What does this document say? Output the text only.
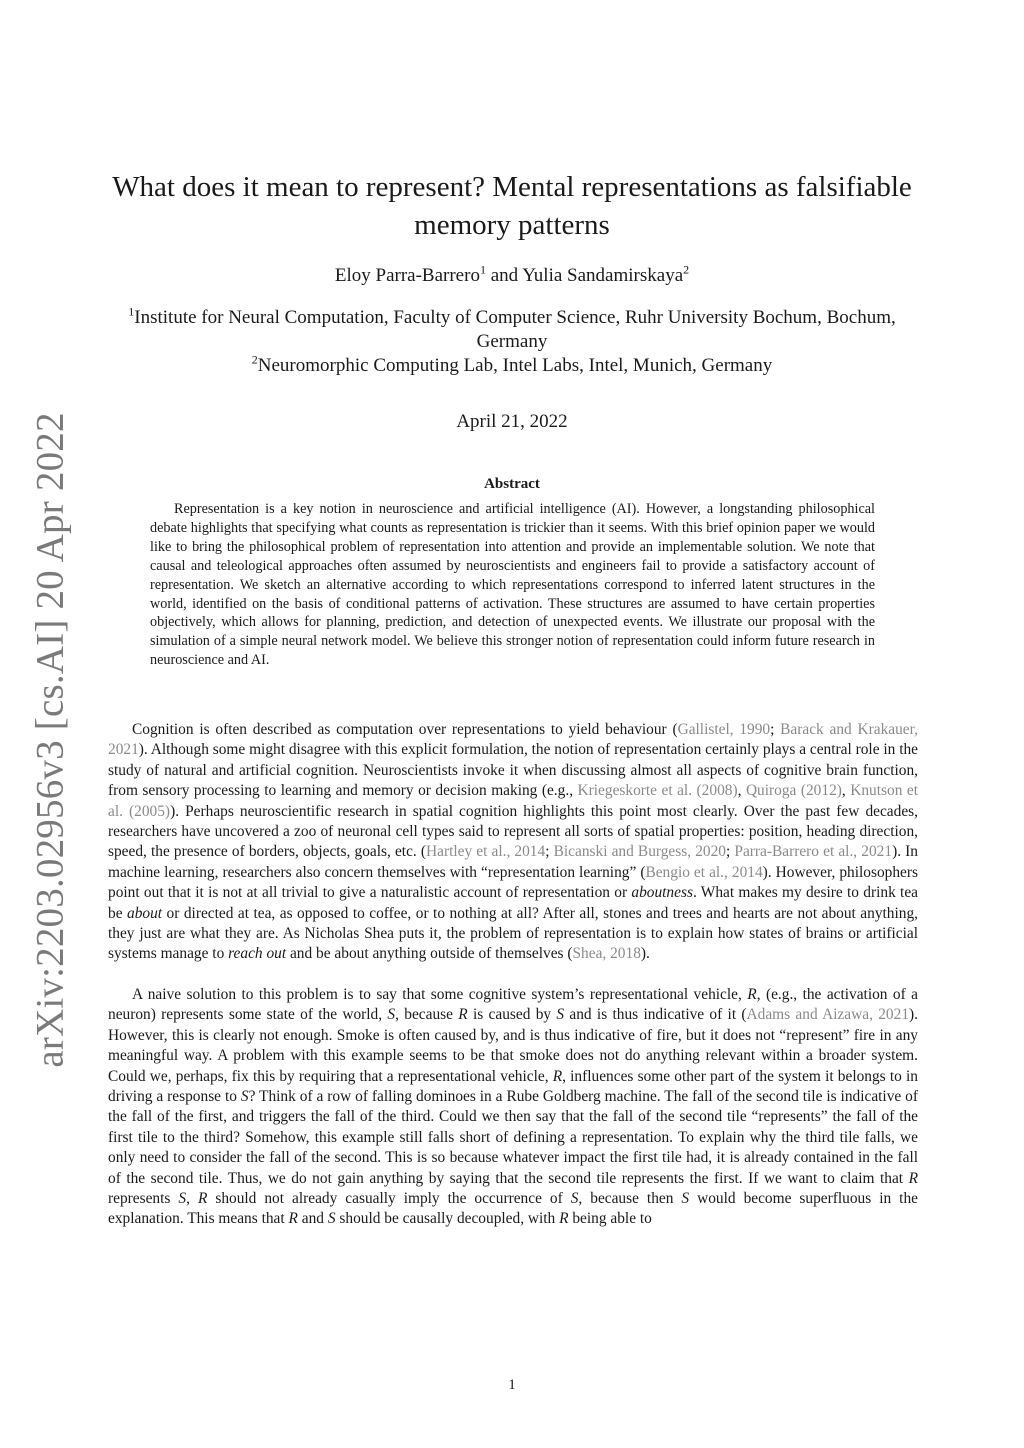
arXiv:2203.02956v3 [cs.AI] 20 Apr 2022
What does it mean to represent? Mental representations as falsifiable memory patterns
Eloy Parra-Barrero$^1$ and Yulia Sandamirskaya$^2$

$^1$Institute for Neural Computation, Faculty of Computer Science, Ruhr University Bochum, Bochum, Germany

$^2$Neuromorphic Computing Lab, Intel Labs, Intel, Munich, Germany

April 21, 2022
Abstract

Representation is a key notion in neuroscience and artificial intelligence (AI). However, a longstanding philosophical debate highlights that specifying what counts as representation is trickier than it seems. With this brief opinion paper we would like to bring the philosophical problem of representation into attention and provide an implementable solution. We note that causal and teleological approaches often assumed by neuroscientists and engineers fail to provide a satisfactory account of representation. We sketch an alternative according to which representations correspond to inferred latent structures in the world, identified on the basis of conditional patterns of activation. These structures are assumed to have certain properties objectively, which allows for planning, prediction, and detection of unexpected events. We illustrate our proposal with the simulation of a simple neural network model. We believe this stronger notion of representation could inform future research in neuroscience and AI.

Cognition is often described as computation over representations to yield behaviour (Gallistel, 1990; Barack and Krakauer, 2021). Although some might disagree with this explicit formulation, the notion of representation certainly plays a central role in the study of natural and artificial cognition. Neuroscientists invoke it when discussing almost all aspects of cognitive brain function, from sensory processing to learning and memory or decision making (e.g., Kriegeskorte et al. (2008), Quiroga (2012), Knutson et al. (2005)). Perhaps neuroscientific research in spatial cognition highlights this point most clearly. Over the past few decades, researchers have uncovered a zoo of neuronal cell types said to represent all sorts of spatial properties: position, heading direction, speed, the presence of borders, objects, goals, etc. (Hartley et al., 2014; Bicanski and Burgess, 2020; Parra-Barrero et al., 2021). In machine learning, researchers also concern themselves with “representation learning” (Bengio et al., 2014). However, philosophers point out that it is not at all trivial to give a naturalistic account of representation or aboutness. What makes my desire to drink tea be about or directed at tea, as opposed to coffee, or to nothing at all? After all, stones and trees and hearts are not about anything, they just are what they are. As Nicholas Shea puts it, the problem of representation is to explain how states of brains or artificial systems manage to reach out and be about anything outside of themselves (Shea, 2018).

A naive solution to this problem is to say that some cognitive system’s representational vehicle, R, (e.g., the activation of a neuron) represents some state of the world, S, because R is caused by S and is thus indicative of it (Adams and Aizawa, 2021). However, this is clearly not enough. Smoke is often caused by, and is thus indicative of fire, but it does not “represent” fire in any meaningful way. A problem with this example seems to be that smoke does not do anything relevant within a broader system. Could we, perhaps, fix this by requiring that a representational vehicle, R, influences some other part of the system it belongs to in driving a response to S? Think of a row of falling dominoes in a Rube Goldberg machine. The fall of the second tile is indicative of the fall of the first, and triggers the fall of the third. Could we then say that the fall of the second tile “represents” the fall of the first tile to the third? Somehow, this example still falls short of defining a representation. To explain why the third tile falls, we only need to consider the fall of the second. This is so because whatever impact the first tile had, it is already contained in the fall of the second tile. Thus, we do not gain anything by saying that the second tile represents the first. If we want to claim that R represents S, R should not already casually imply the occurrence of S, because then S would become superfluous in the explanation. This means that R and S should be causally decoupled, with R being able to

1
